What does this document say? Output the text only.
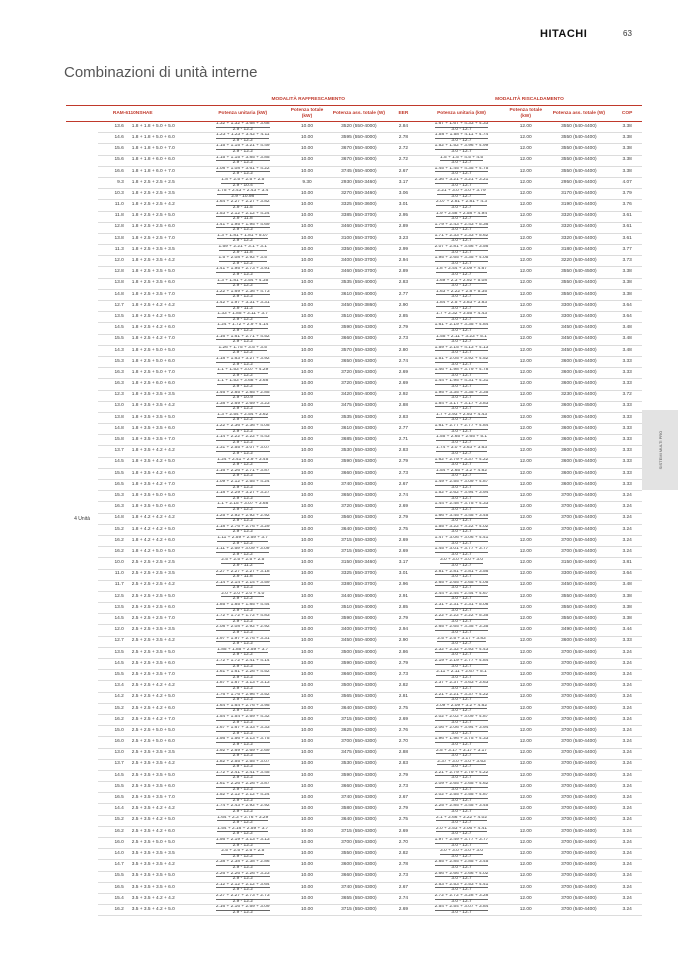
HITACHI	63
Combinazioni di unità interne
SISTEMI MULTI PRO
			MODALITÀ RAFFRESCAMENTO				MODALITÀ RISCALDAMENTO			
RAM-6110NSHAE			Potenza unitaria (kW)	Potenza totale (kW)	Potenza ass. totale (W)	EER	Potenza unitaria (kW)	Potenza totale (kW)	Potenza ass. totale (W)	COP
4 Unità	13.6	1.8 + 1.8 + 5.0 + 5.0	$\frac{1.32 + 1.32 + 3.68 + 3.68}{2.9 - 12.2}$	10.00	3520 (550-4000)	2.84	$\frac{1.67 + 1.67 + 4.33 + 4.33}{3.0 - 12.7}$	12.00	3550 (540-4400)	3.38
	14.6	1.8 + 1.8 + 5.0 + 6.0	$\frac{1.23 + 1.23 + 3.42 + 4.11}{2.9 - 12.2}$	10.00	3595 (550-4000)	2.78	$\frac{1.58 + 1.58 + 4.11 + 4.74}{3.0 - 12.7}$	12.00	3550 (540-4400)	3.38
	15.6	1.8 + 1.8 + 5.0 + 7.0	$\frac{1.15 + 1.15 + 3.21 + 4.49}{2.9 - 12.2}$	10.00	3670 (550-4000)	2.72	$\frac{1.52 + 1.52 + 3.96 + 4.99}{3.0 - 12.7}$	12.00	3550 (540-4400)	3.38
	15.6	1.8 + 1.8 + 6.0 + 6.0	$\frac{1.15 + 1.15 + 3.85 + 3.85}{2.9 - 12.2}$	10.00	3670 (550-4000)	2.72	$\frac{1.5 + 1.5 + 4.5 + 4.5}{3.0 - 12.7}$	12.00	3550 (540-4400)	3.38
	16.6	1.8 + 1.8 + 6.0 + 7.0	$\frac{1.08 + 1.08 + 3.61 + 4.22}{2.9 - 12.2}$	10.00	3745 (550-4000)	2.67	$\frac{1.45 + 1.45 + 4.35 + 4.75}{3.0 - 12.7}$	12.00	3550 (540-4400)	3.38
	9.3	1.8 + 2.5 + 2.5 + 2.5	$\frac{1.8 + 2.5 + 2.5 + 2.5}{2.9 - 10.4}$	9.30	2930 (550-3460)	3.17	$\frac{2.36 + 3.21 + 3.21 + 3.21}{3.0 - 12.7}$	12.00	2950 (540-4400)	4.07
	10.3	1.8 + 2.5 + 2.5 + 3.5	$\frac{1.75 + 2.43 + 2.43 + 3.4}{2.9 - 10.98}$	10.00	3270 (550-3460)	3.06	$\frac{2.21 + 3.0 + 3.0 + 3.79}{3.0 - 12.7}$	12.00	3170 (540-4400)	3.79
	11.0	1.8 + 2.5 + 2.5 + 4.2	$\frac{1.64 + 2.27 + 2.27 + 3.82}{2.9 - 11.5}$	10.00	3325 (550-3600)	3.01	$\frac{2.07 + 2.81 + 2.81 + 4.3}{3.0 - 12.7}$	12.00	3190 (540-4400)	3.76
	11.8	1.8 + 2.5 + 2.5 + 5.0	$\frac{1.53 + 2.12 + 2.12 + 4.24}{2.9 - 11.8}$	10.00	3385 (550-3700)	2.95	$\frac{1.9 + 2.58 + 2.58 + 4.94}{3.0 - 12.7}$	12.00	3320 (540-4400)	3.61
	12.8	1.8 + 2.5 + 2.5 + 6.0	$\frac{1.41 + 1.95 + 1.95 + 4.69}{2.9 - 12.2}$	10.00	3460 (550-3700)	2.89	$\frac{1.79 + 2.43 + 2.43 + 5.36}{3.0 - 12.7}$	12.00	3320 (540-4400)	3.61
	13.8	1.8 + 2.5 + 2.5 + 7.0	$\frac{1.3 + 1.81 + 1.81 + 5.07}{2.9 - 12.2}$	10.00	3100 (550-3700)	3.23	$\frac{1.71 + 2.33 + 2.33 + 5.62}{3.0 - 12.7}$	12.00	3320 (540-4400)	3.61
	11.3	1.8 + 2.5 + 3.5 + 3.5	$\frac{1.59 + 2.21 + 3.1 + 3.1}{2.9 - 11.8}$	10.00	3350 (550-3600)	2.99	$\frac{2.07 + 2.81 + 3.56 + 3.56}{3.0 - 12.7}$	12.00	3180 (540-4400)	3.77
	12.0	1.8 + 2.5 + 3.5 + 4.2	$\frac{1.5 + 2.08 + 2.92 + 3.5}{2.9 - 12.2}$	10.00	3400 (550-3700)	2.94	$\frac{1.95 + 2.65 + 3.35 + 4.05}{3.0 - 12.7}$	12.00	3220 (540-4400)	3.73
	12.8	1.8 + 2.5 + 3.5 + 5.0	$\frac{1.41 + 1.95 + 2.73 + 3.91}{2.9 - 12.2}$	10.00	3460 (550-3700)	2.89	$\frac{1.8 + 2.44 + 3.09 + 4.67}{3.0 - 12.7}$	12.00	3550 (540-4500)	3.38
	13.8	1.8 + 2.5 + 3.5 + 6.0	$\frac{1.3 + 1.81 + 2.54 + 4.35}{2.9 - 12.2}$	10.00	3535 (550-4000)	2.83	$\frac{1.69 + 2.3 + 2.92 + 5.08}{3.0 - 12.7}$	12.00	3550 (540-4400)	3.38
	14.8	1.8 + 2.5 + 3.5 + 7.0	$\frac{1.22 + 1.69 + 2.36 + 4.73}{2.9 - 12.2}$	10.00	3610 (550-4000)	2.77	$\frac{1.63 + 2.22 + 2.8 + 5.35}{3.0 - 12.7}$	12.00	3550 (540-4400)	3.38
	12.7	1.8 + 2.5 + 4.2 + 4.2	$\frac{1.42 + 1.97 + 3.31 + 3.31}{2.9 - 11.3}$	10.00	3450 (550-3860)	2.90	$\frac{1.84 + 2.5 + 3.83 + 3.83}{3.0 - 12.7}$	12.00	3300 (540-4400)	3.64
	13.5	1.8 + 2.5 + 4.2 + 5.0	$\frac{1.33 + 1.85 + 3.11 + 3.7}{2.9 - 12.2}$	10.00	3510 (550-4000)	2.85	$\frac{1.7 + 2.32 + 3.55 + 4.43}{3.0 - 12.7}$	12.00	3300 (540-4400)	3.64
	14.5	1.8 + 2.5 + 4.2 + 6.0	$\frac{1.24 + 1.72 + 2.9 + 4.14}{2.9 - 12.2}$	10.00	3590 (550-4300)	2.79	$\frac{1.61 + 2.19 + 3.35 + 4.84}{3.0 - 12.7}$	12.00	3450 (540-4400)	3.48
	15.5	1.8 + 2.5 + 4.2 + 7.0	$\frac{1.16 + 1.61 + 2.71 + 4.52}{2.9 - 12.2}$	10.00	3660 (550-4300)	2.73	$\frac{1.55 + 2.11 + 3.23 + 5.1}{3.0 - 12.7}$	12.00	3450 (540-4400)	3.48
	14.3	1.8 + 2.5 + 5.0 + 5.0	$\frac{1.26 + 1.75 + 3.5 + 3.5}{2.9 - 12.2}$	10.00	3570 (550-4300)	2.80	$\frac{1.59 + 2.15 + 4.13 + 4.13}{3.0 - 12.7}$	12.00	3450 (540-4400)	3.48
	15.3	1.8 + 2.5 + 5.0 + 6.0	$\frac{1.18 + 1.63 + 3.27 + 3.92}{2.9 - 12.2}$	10.00	3650 (550-4300)	2.74	$\frac{1.51 + 2.05 + 3.92 + 4.52}{3.0 - 12.7}$	12.00	3600 (540-4400)	3.33
	16.3	1.8 + 2.5 + 5.0 + 7.0	$\frac{1.1 + 1.53 + 3.07 + 4.29}{2.9 - 12.2}$	10.00	3720 (550-4300)	2.69	$\frac{1.46 + 1.98 + 3.79 + 4.78}{3.0 - 12.7}$	12.00	3600 (540-4400)	3.33
	16.3	1.8 + 2.5 + 6.0 + 6.0	$\frac{1.1 + 1.53 + 3.68 + 3.68}{2.9 - 12.2}$	10.00	3720 (550-4300)	2.69	$\frac{1.44 + 1.95 + 4.31 + 4.31}{3.0 - 12.7}$	12.00	3600 (540-4400)	3.33
	12.3	1.8 + 3.5 + 3.5 + 3.5	$\frac{1.46 + 2.85 + 2.85 + 2.85}{2.9 - 10.9}$	10.00	3420 (550-4000)	2.92	$\frac{1.95 + 3.35 + 3.35 + 3.35}{3.0 - 12.7}$	12.00	3230 (540-4400)	3.72
	13.0	1.8 + 3.5 + 3.5 + 4.2	$\frac{1.38 + 2.69 + 2.69 + 3.23}{2.9 - 12.2}$	10.00	3475 (550-4300)	2.88	$\frac{1.84 + 3.17 + 3.17 + 3.83}{3.0 - 12.7}$	12.00	3600 (540-4500)	3.33
	13.8	1.8 + 3.5 + 3.5 + 5.0	$\frac{1.3 + 2.54 + 2.54 + 3.62}{2.9 - 12.2}$	10.00	3535 (550-4300)	2.83	$\frac{1.7 + 2.93 + 2.93 + 4.43}{3.0 - 12.7}$	12.00	3600 (540-4400)	3.33
	14.8	1.8 + 3.5 + 3.5 + 6.0	$\frac{1.22 + 2.36 + 2.36 + 4.05}{2.9 - 12.2}$	10.00	3610 (550-4300)	2.77	$\frac{1.61 + 2.77 + 2.77 + 4.84}{3.0 - 12.7}$	12.00	3600 (540-4400)	3.33
	15.8	1.8 + 3.5 + 3.5 + 7.0	$\frac{1.14 + 2.22 + 2.22 + 4.43}{2.9 - 12.2}$	10.00	3685 (550-4300)	2.71	$\frac{1.55 + 2.65 + 2.65 + 5.1}{3.0 - 12.7}$	12.00	3600 (540-4400)	3.33
	13.7	1.8 + 3.5 + 4.2 + 4.2	$\frac{1.31 + 2.55 + 3.07 + 3.07}{2.9 - 12.2}$	10.00	3530 (550-4300)	2.83	$\frac{1.74 + 3.0 + 3.63 + 3.63}{3.0 - 12.7}$	12.00	3600 (540-4400)	3.33
	14.5	1.8 + 3.5 + 4.2 + 5.0	$\frac{1.24 + 2.41 + 2.9 + 3.45}{2.9 - 12.2}$	10.00	3590 (550-4300)	2.79	$\frac{1.62 + 2.79 + 3.37 + 4.22}{3.0 - 12.7}$	12.00	3600 (540-4400)	3.33
	15.5	1.8 + 3.5 + 4.2 + 6.0	$\frac{1.16 + 2.26 + 2.71 + 3.87}{2.9 - 12.2}$	10.00	3660 (550-4300)	2.73	$\frac{1.54 + 2.65 + 3.2 + 4.62}{3.0 - 12.7}$	12.00	3600 (540-4400)	3.33
	16.5	1.8 + 3.5 + 4.2 + 7.0	$\frac{1.09 + 2.12 + 2.55 + 4.24}{2.9 - 12.2}$	10.00	3740 (550-4300)	2.67	$\frac{1.49 + 2.55 + 3.09 + 4.87}{3.0 - 12.7}$	12.00	3600 (540-4400)	3.33
	15.3	1.8 + 3.5 + 5.0 + 5.0	$\frac{1.18 + 2.29 + 3.27 + 3.27}{2.9 - 12.2}$	10.00	3650 (550-4300)	2.74	$\frac{1.52 + 2.62 + 3.94 + 3.94}{3.0 - 12.7}$	12.00	3700 (540-4400)	3.24
	16.3	1.8 + 3.5 + 5.0 + 6.0	$\frac{1.1 + 2.15 + 3.07 + 3.68}{2.9 - 12.2}$	10.00	3720 (550-4300)	2.69	$\frac{1.44 + 2.48 + 3.75 + 4.33}{3.0 - 12.7}$	12.00	3700 (540-4400)	3.24
	14.8	1.8 + 4.2 + 4.2 + 4.2	$\frac{1.25 + 2.92 + 2.92 + 2.92}{2.9 - 12.2}$	10.00	3560 (550-4300)	2.79	$\frac{1.66 + 3.45 + 3.45 + 3.45}{3.0 - 12.7}$	12.00	3700 (540-4400)	3.24
	15.2	1.8 + 4.2 + 4.2 + 5.0	$\frac{1.18 + 2.76 + 2.76 + 3.29}{2.9 - 12.2}$	10.00	3640 (550-4300)	2.75	$\frac{1.55 + 3.22 + 3.22 + 4.02}{3.0 - 12.7}$	12.00	3700 (540-4400)	3.24
	16.2	1.8 + 4.2 + 4.2 + 6.0	$\frac{1.11 + 2.59 + 2.59 + 3.7}{2.9 - 12.2}$	10.00	3715 (550-4300)	2.69	$\frac{1.47 + 3.06 + 3.06 + 4.41}{3.0 - 12.7}$	12.00	3700 (540-4400)	3.24
	16.2	1.8 + 4.2 + 5.0 + 5.0	$\frac{1.11 + 2.59 + 3.09 + 3.09}{2.9 - 12.2}$	10.00	3715 (550-4300)	2.69	$\frac{1.45 + 3.01 + 3.77 + 3.77}{3.0 - 12.7}$	12.00	3700 (540-4400)	3.24
	10.0	2.5 + 2.5 + 2.5 + 2.5	$\frac{2.5 + 2.5 + 2.5 + 2.5}{2.9 - 11.2}$	10.00	3150 (550-3460)	3.17	$\frac{3.0 + 3.0 + 3.0 + 3.0}{3.0 - 12.7}$	12.00	3150 (540-4400)	3.81
	11.0	2.5 + 2.5 + 2.5 + 3.5	$\frac{2.27 + 2.27 + 2.27 + 3.18}{2.9 - 11.8}$	10.00	3325 (550-3700)	3.01	$\frac{2.81 + 2.81 + 2.81 + 3.56}{3.0 - 12.7}$	12.00	3300 (540-4400)	3.64
	11.7	2.5 + 2.5 + 2.5 + 4.2	$\frac{2.14 + 2.14 + 2.14 + 3.59}{2.9 - 12.2}$	10.00	3380 (550-3700)	2.96	$\frac{2.65 + 2.65 + 2.65 + 4.05}{3.0 - 12.7}$	12.00	3450 (540-4400)	3.48
	12.5	2.5 + 2.5 + 2.5 + 5.0	$\frac{2.0 + 2.0 + 2.0 + 4.0}{2.9 - 12.2}$	10.00	3440 (550-4000)	2.91	$\frac{2.44 + 2.44 + 2.44 + 4.67}{3.0 - 12.7}$	12.00	3550 (540-4400)	3.38
	13.5	2.5 + 2.5 + 2.5 + 6.0	$\frac{1.85 + 1.85 + 1.85 + 4.44}{2.9 - 12.2}$	10.00	3510 (550-4000)	2.85	$\frac{2.31 + 2.31 + 2.31 + 5.08}{3.0 - 12.7}$	12.00	3550 (540-4400)	3.38
	14.5	2.5 + 2.5 + 2.5 + 7.0	$\frac{1.72 + 1.72 + 1.72 + 4.83}{2.9 - 12.2}$	10.00	3590 (550-4000)	2.79	$\frac{2.22 + 2.22 + 2.22 + 5.35}{3.0 - 12.7}$	12.00	3550 (540-4400)	3.38
	12.0	2.5 + 2.5 + 3.5 + 3.5	$\frac{2.08 + 2.08 + 2.92 + 2.92}{2.9 - 12.2}$	10.00	3400 (550-3700)	2.94	$\frac{2.65 + 2.65 + 3.35 + 3.35}{3.0 - 12.7}$	12.00	3490 (540-4400)	3.44
	12.7	2.5 + 2.5 + 3.5 + 4.2	$\frac{1.97 + 1.97 + 2.76 + 3.31}{2.9 - 12.2}$	10.00	3450 (550-4000)	2.90	$\frac{2.5 + 2.5 + 3.17 + 3.83}{3.0 - 12.7}$	12.00	3600 (540-4400)	3.33
	13.5	2.5 + 2.5 + 3.5 + 5.0	$\frac{1.85 + 1.85 + 2.59 + 3.7}{2.9 - 12.2}$	10.00	3500 (550-4000)	2.86	$\frac{2.32 + 2.32 + 2.93 + 4.43}{3.0 - 12.7}$	12.00	3700 (540-4400)	3.24
	14.5	2.5 + 2.5 + 3.5 + 6.0	$\frac{1.72 + 1.72 + 2.41 + 4.14}{2.9 - 12.2}$	10.00	3590 (550-4300)	2.79	$\frac{2.19 + 2.19 + 2.77 + 4.84}{3.0 - 12.7}$	12.00	3700 (540-4400)	3.24
	15.5	2.5 + 2.5 + 3.5 + 7.0	$\frac{1.61 + 1.61 + 2.26 + 4.52}{2.9 - 12.2}$	10.00	3660 (550-4300)	2.73	$\frac{2.11 + 2.11 + 2.67 + 5.1}{3.0 - 12.7}$	12.00	3700 (540-4400)	3.24
	13.4	2.5 + 2.5 + 4.2 + 4.2	$\frac{1.87 + 1.87 + 3.13 + 3.13}{2.9 - 12.2}$	10.00	3500 (550-4300)	2.82	$\frac{2.37 + 2.37 + 3.63 + 3.63}{3.0 - 12.7}$	12.00	3700 (540-4400)	3.24
	14.2	2.5 + 2.5 + 4.2 + 5.0	$\frac{1.76 + 1.76 + 2.96 + 3.52}{2.9 - 12.2}$	10.00	3565 (550-4300)	2.81	$\frac{2.21 + 2.21 + 3.37 + 4.22}{3.0 - 12.7}$	12.00	3700 (540-4400)	3.24
	15.2	2.5 + 2.5 + 4.2 + 6.0	$\frac{1.64 + 1.64 + 2.76 + 3.95}{2.9 - 12.2}$	10.00	3640 (550-4300)	2.75	$\frac{2.09 + 2.09 + 3.2 + 4.62}{3.0 - 12.7}$	12.00	3700 (540-4400)	3.24
	16.2	2.5 + 2.5 + 4.2 + 7.0	$\frac{1.54 + 1.54 + 2.59 + 4.32}{2.9 - 12.2}$	10.00	3715 (550-4300)	2.69	$\frac{2.02 + 2.02 + 3.09 + 4.87}{3.0 - 12.7}$	12.00	3700 (540-4400)	3.24
	15.0	2.5 + 2.5 + 5.0 + 5.0	$\frac{1.67 + 1.67 + 3.33 + 3.33}{2.9 - 12.2}$	10.00	3625 (550-4300)	2.76	$\frac{2.06 + 2.06 + 3.94 + 3.94}{3.0 - 12.7}$	12.00	3700 (540-4400)	3.24
	16.0	2.5 + 2.5 + 5.0 + 6.0	$\frac{1.56 + 1.56 + 3.13 + 3.75}{2.9 - 12.2}$	10.00	3700 (550-4300)	2.70	$\frac{1.96 + 1.96 + 3.75 + 4.33}{3.0 - 12.7}$	12.00	3700 (540-4400)	3.24
	13.0	2.5 + 3.5 + 3.5 + 3.5	$\frac{1.92 + 2.69 + 2.69 + 2.69}{2.9 - 12.2}$	10.00	3475 (550-4300)	2.88	$\frac{2.5 + 3.17 + 3.17 + 3.17}{3.0 - 12.7}$	12.00	3700 (540-4400)	3.24
	13.7	2.5 + 3.5 + 3.5 + 4.2	$\frac{1.82 + 2.55 + 2.55 + 3.07}{2.9 - 12.2}$	10.00	3530 (550-4300)	2.83	$\frac{2.37 + 3.0 + 3.0 + 3.63}{3.0 - 12.7}$	12.00	3700 (540-4400)	3.24
	14.5	2.5 + 3.5 + 3.5 + 5.0	$\frac{1.72 + 2.41 + 2.41 + 3.45}{2.9 - 12.2}$	10.00	3590 (550-4300)	2.79	$\frac{2.21 + 2.79 + 2.79 + 4.22}{3.0 - 12.7}$	12.00	3700 (540-4400)	3.24
	15.5	2.5 + 3.5 + 3.5 + 6.0	$\frac{1.61 + 2.26 + 2.26 + 3.87}{2.9 - 12.2}$	10.00	3660 (550-4300)	2.73	$\frac{2.09 + 2.65 + 2.65 + 4.62}{3.0 - 12.7}$	12.00	3700 (540-4400)	3.24
	16.5	2.5 + 3.5 + 3.5 + 7.0	$\frac{1.52 + 2.12 + 2.12 + 4.24}{2.9 - 12.2}$	10.00	3740 (550-4300)	2.67	$\frac{2.02 + 2.55 + 2.55 + 4.87}{3.0 - 12.7}$	12.00	3700 (540-4400)	3.24
	14.4	2.5 + 3.5 + 4.2 + 4.2	$\frac{1.74 + 2.43 + 2.92 + 2.92}{2.9 - 12.2}$	10.00	3580 (550-4300)	2.79	$\frac{2.25 + 2.85 + 3.45 + 3.45}{3.0 - 12.7}$	12.00	3700 (540-4400)	3.24
	15.2	2.5 + 3.5 + 4.2 + 5.0	$\frac{1.64 + 2.3 + 2.76 + 3.29}{2.9 - 12.2}$	10.00	3640 (550-4300)	2.75	$\frac{2.1 + 2.66 + 3.22 + 4.02}{3.0 - 12.7}$	12.00	3700 (540-4400)	3.24
	16.2	2.5 + 3.5 + 4.2 + 6.0	$\frac{1.54 + 2.16 + 2.59 + 3.7}{2.9 - 12.2}$	10.00	3715 (550-4300)	2.69	$\frac{2.0 + 2.53 + 3.06 + 4.41}{3.0 - 12.7}$	12.00	3700 (540-4400)	3.24
	16.0	2.5 + 3.5 + 5.0 + 5.0	$\frac{1.56 + 2.19 + 3.13 + 3.13}{2.9 - 12.2}$	10.00	3700 (550-4300)	2.70	$\frac{1.97 + 2.49 + 3.77 + 3.77}{3.0 - 12.7}$	12.00	3700 (540-4400)	3.24
	14.0	3.5 + 3.5 + 3.5 + 3.5	$\frac{2.5 + 2.5 + 2.5 + 2.5}{2.9 - 12.2}$	10.00	3550 (550-4300)	2.82	$\frac{3.0 + 3.0 + 3.0 + 3.0}{3.0 - 12.7}$	12.00	3700 (540-4400)	3.24
	14.7	3.5 + 3.5 + 3.5 + 4.2	$\frac{2.38 + 2.38 + 2.38 + 2.86}{2.9 - 12.2}$	10.00	3600 (550-4300)	2.78	$\frac{2.85 + 2.85 + 2.85 + 3.45}{3.0 - 12.7}$	12.00	3700 (540-4400)	3.24
	15.5	3.5 + 3.5 + 3.5 + 5.0	$\frac{2.26 + 2.26 + 2.26 + 3.23}{2.9 - 12.2}$	10.00	3660 (550-4300)	2.73	$\frac{2.66 + 2.66 + 2.66 + 4.02}{3.0 - 12.7}$	12.00	3700 (540-4400)	3.24
	16.5	3.5 + 3.5 + 3.5 + 6.0	$\frac{2.12 + 2.12 + 2.12 + 3.64}{2.9 - 12.2}$	10.00	3740 (550-4300)	2.67	$\frac{2.53 + 2.53 + 2.53 + 4.41}{3.0 - 12.7}$	12.00	3700 (540-4400)	3.24
	15.4	3.5 + 3.5 + 4.2 + 4.2	$\frac{2.27 + 2.27 + 2.73 + 2.73}{2.9 - 12.2}$	10.00	3655 (550-4300)	2.74	$\frac{2.72 + 2.72 + 3.28 + 3.28}{3.0 - 12.7}$	12.00	3700 (540-4400)	3.24
	16.2	3.5 + 3.5 + 4.2 + 5.0	$\frac{2.16 + 2.16 + 2.59 + 3.09}{2.9 - 12.2}$	10.00	3715 (550-4300)	2.69	$\frac{2.54 + 2.54 + 3.07 + 3.84}{3.0 - 12.7}$	12.00	3700 (540-4400)	3.24
